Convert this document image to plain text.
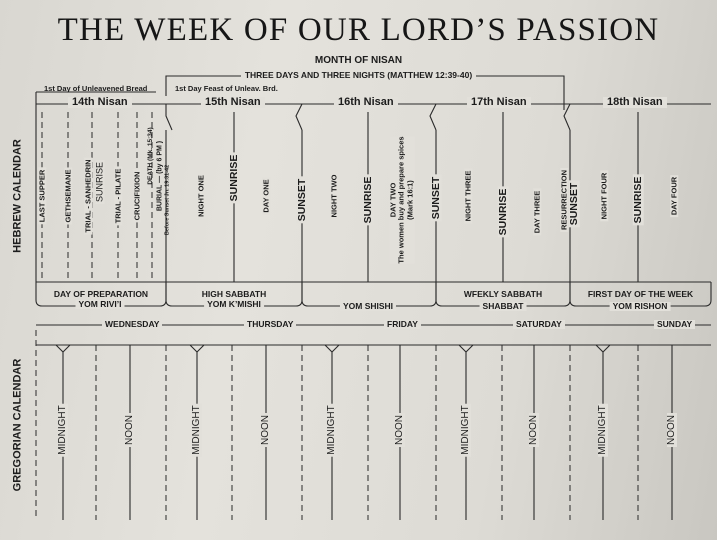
THE WEEK OF OUR LORD’S PASSION
MONTH OF NISAN
THREE DAYS AND THREE NIGHTS (MATTHEW 12:39-40)
1st Day of Unleavened Bread	1st Day Feast of Unleav. Brd.
14th Nisan	15th Nisan	16th Nisan	17th Nisan	18th Nisan
HEBREW CALENDAR
GREGORIAN CALENDAR
LAST SUPPER GETHSEMANE TRIAL - SANHEDRIN SUNRISE TRIAL - PILATE CRUCIFIXION
DEATH (Mk. 15:34) BURIAL — (by 6 PM ) Before Sunset Jn. 19:31-42	NIGHT ONE SUNRISE	DAY ONE SUNSET	NIGHT TWO SUNRISE DAY TWO The women buy and prepare spices (Mark 16:1) SUNSET	NIGHT THREE SUNRISE	DAY THREE RESURRECTION SUNSET	NIGHT FOUR SUNRISE	DAY FOUR
DAY OF PREPARATION
YOM RIVI’I
HIGH SABBATH
YOM K’MISHI	YOM SHISHI
WFEKLY SABBATH
SHABBAT
FIRST DAY OF THE WEEK
YOM RISHON
WEDNESDAY	THURSDAY	FRIDAY	SATURDAY	SUNDAY
MIDNIGHT	NOON	MIDNIGHT	NOON	MIDNIGHT	NOON	MIDNIGHT	NOON	MIDNIGHT	NOON
